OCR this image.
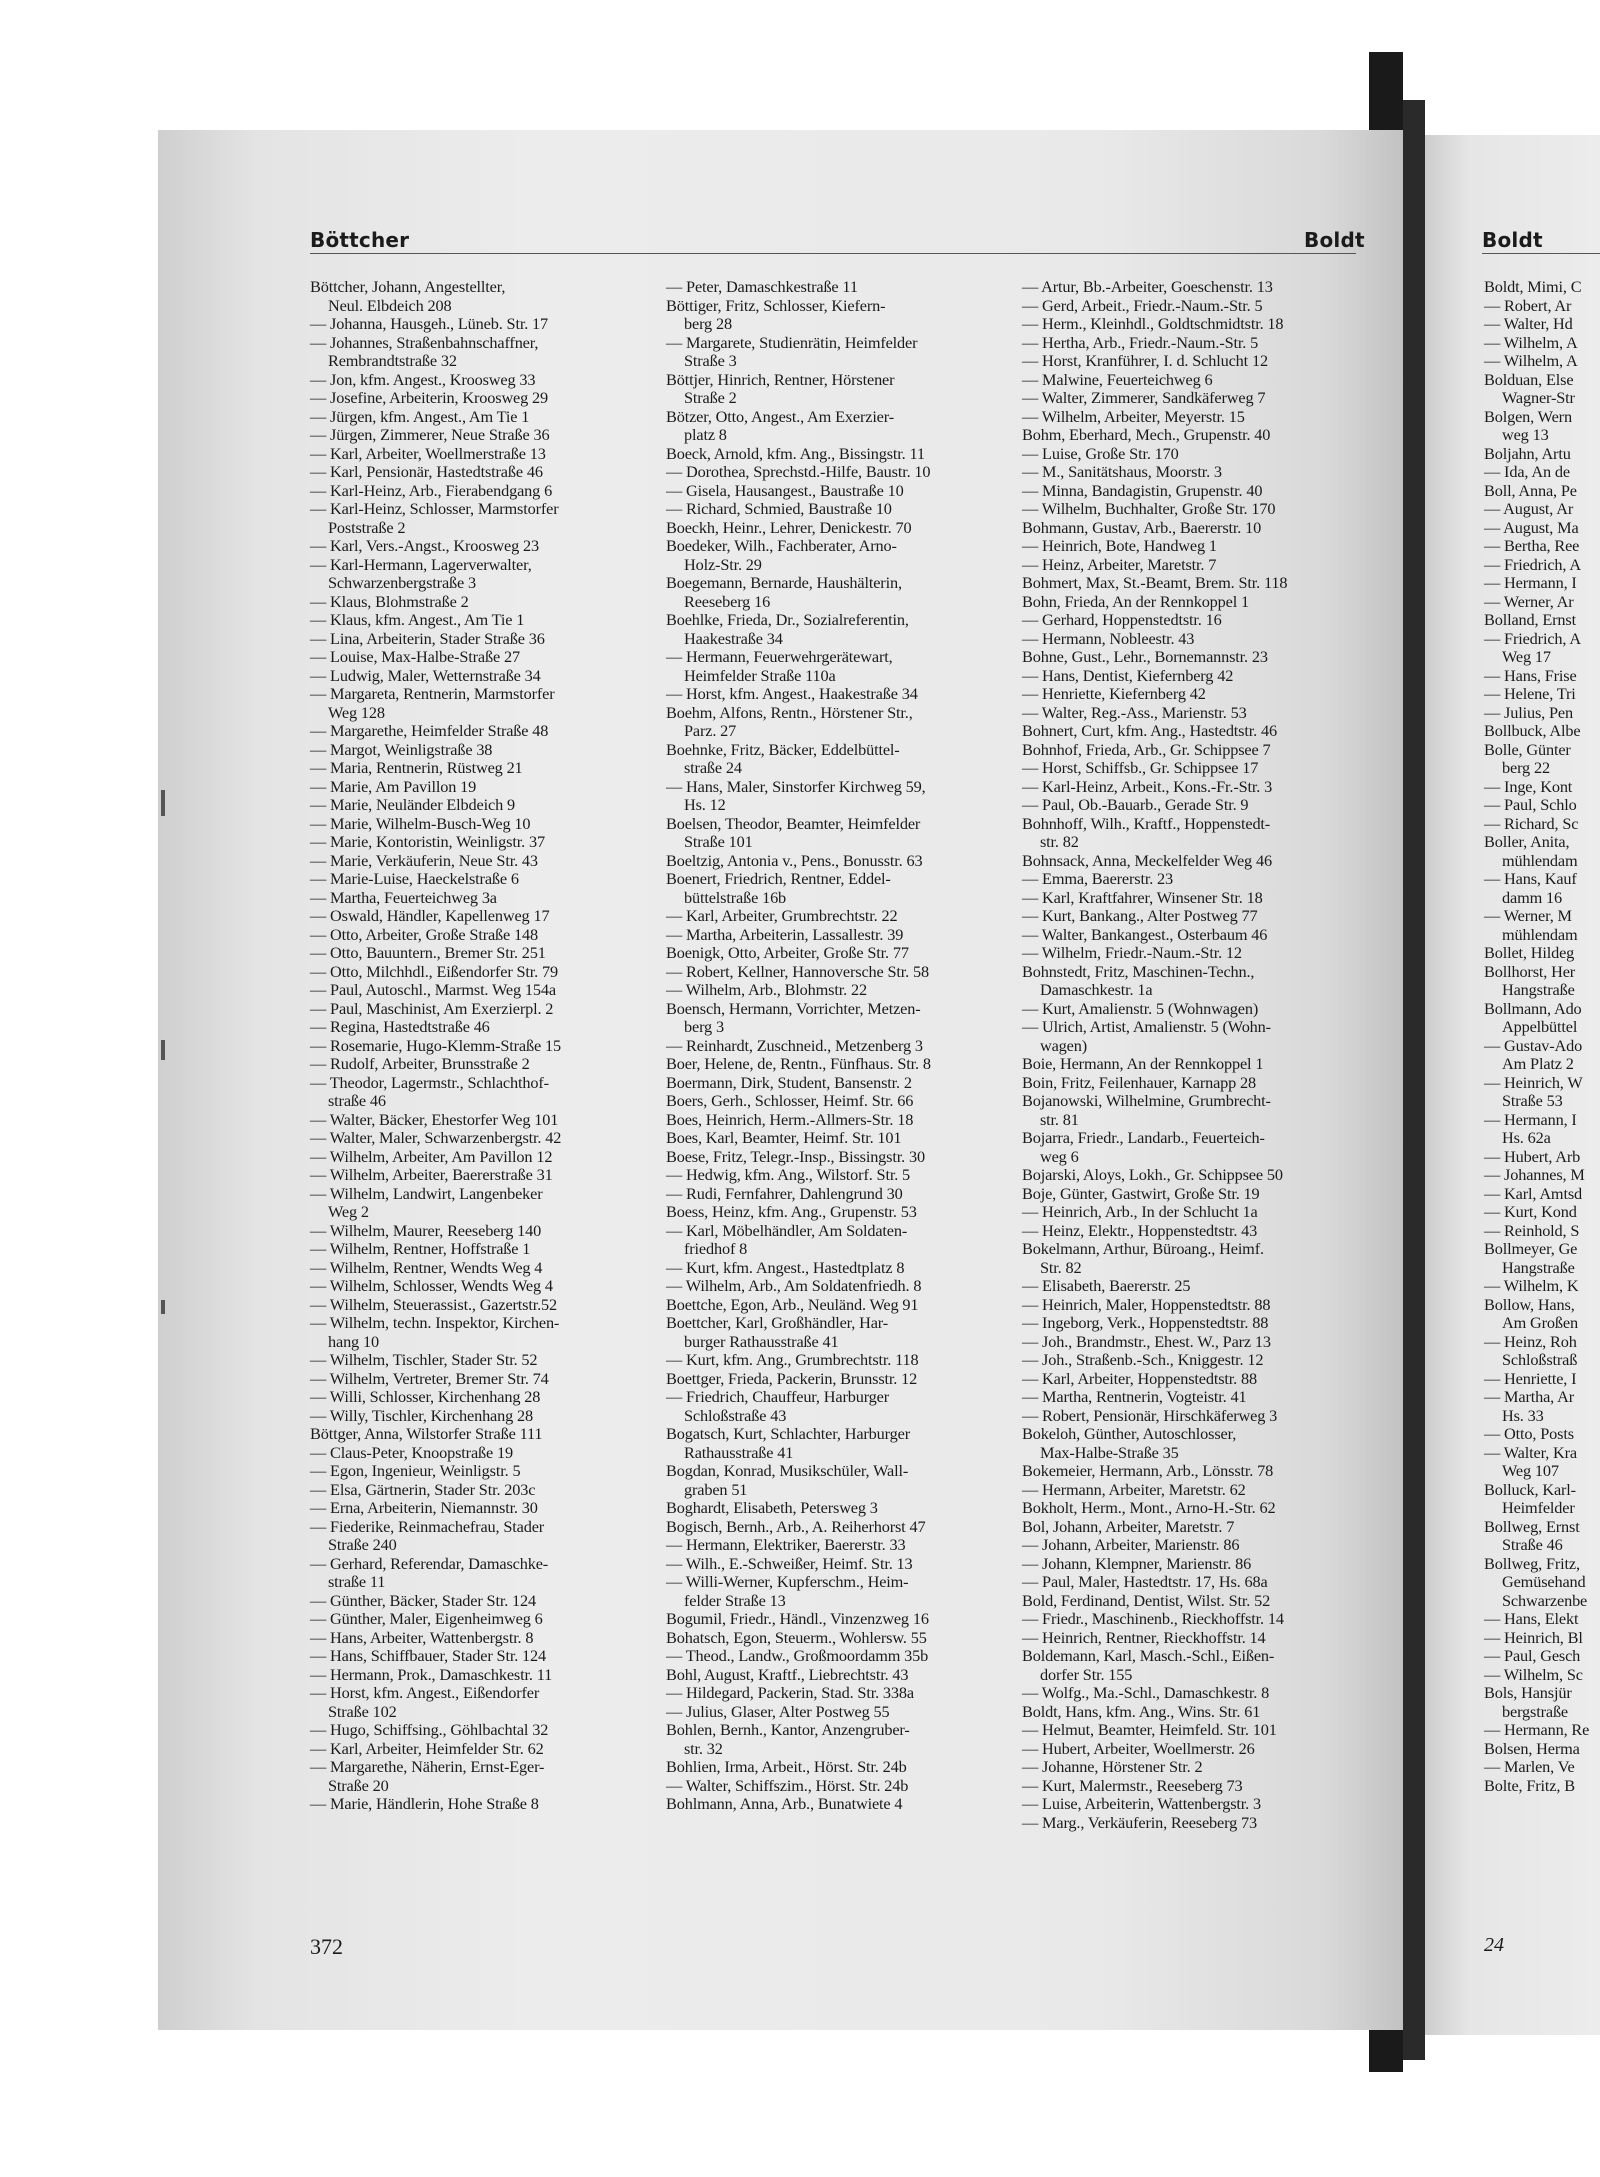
Böttcher	Boldt
Böttcher, Johann, Angestellter,
Neul. Elbdeich 208
— Johanna, Hausgeh., Lüneb. Str. 17
— Johannes, Straßenbahnschaffner,
Rembrandtstraße 32
— Jon, kfm. Angest., Kroosweg 33
— Josefine, Arbeiterin, Kroosweg 29
— Jürgen, kfm. Angest., Am Tie 1
— Jürgen, Zimmerer, Neue Straße 36
— Karl, Arbeiter, Woellmerstraße 13
— Karl, Pensionär, Hastedtstraße 46
— Karl-Heinz, Arb., Fierabendgang 6
— Karl-Heinz, Schlosser, Marmstorfer
Poststraße 2
— Karl, Vers.-Angst., Kroosweg 23
— Karl-Hermann, Lagerverwalter,
Schwarzenbergstraße 3
— Klaus, Blohmstraße 2
— Klaus, kfm. Angest., Am Tie 1
— Lina, Arbeiterin, Stader Straße 36
— Louise, Max-Halbe-Straße 27
— Ludwig, Maler, Wetternstraße 34
— Margareta, Rentnerin, Marmstorfer
Weg 128
— Margarethe, Heimfelder Straße 48
— Margot, Weinligstraße 38
— Maria, Rentnerin, Rüstweg 21
— Marie, Am Pavillon 19
— Marie, Neuländer Elbdeich 9
— Marie, Wilhelm-Busch-Weg 10
— Marie, Kontoristin, Weinligstr. 37
— Marie, Verkäuferin, Neue Str. 43
— Marie-Luise, Haeckelstraße 6
— Martha, Feuerteichweg 3a
— Oswald, Händler, Kapellenweg 17
— Otto, Arbeiter, Große Straße 148
— Otto, Bauuntern., Bremer Str. 251
— Otto, Milchhdl., Eißendorfer Str. 79
— Paul, Autoschl., Marmst. Weg 154a
— Paul, Maschinist, Am Exerzierpl. 2
— Regina, Hastedtstraße 46
— Rosemarie, Hugo-Klemm-Straße 15
— Rudolf, Arbeiter, Brunsstraße 2
— Theodor, Lagermstr., Schlachthof-
straße 46
— Walter, Bäcker, Ehestorfer Weg 101
— Walter, Maler, Schwarzenbergstr. 42
— Wilhelm, Arbeiter, Am Pavillon 12
— Wilhelm, Arbeiter, Baererstraße 31
— Wilhelm, Landwirt, Langenbeker
Weg 2
— Wilhelm, Maurer, Reeseberg 140
— Wilhelm, Rentner, Hoffstraße 1
— Wilhelm, Rentner, Wendts Weg 4
— Wilhelm, Schlosser, Wendts Weg 4
— Wilhelm, Steuerassist., Gazertstr.52
— Wilhelm, techn. Inspektor, Kirchen-
hang 10
— Wilhelm, Tischler, Stader Str. 52
— Wilhelm, Vertreter, Bremer Str. 74
— Willi, Schlosser, Kirchenhang 28
— Willy, Tischler, Kirchenhang 28
Böttger, Anna, Wilstorfer Straße 111
— Claus-Peter, Knoopstraße 19
— Egon, Ingenieur, Weinligstr. 5
— Elsa, Gärtnerin, Stader Str. 203c
— Erna, Arbeiterin, Niemannstr. 30
— Fiederike, Reinmachefrau, Stader
Straße 240
— Gerhard, Referendar, Damaschke-
straße 11
— Günther, Bäcker, Stader Str. 124
— Günther, Maler, Eigenheimweg 6
— Hans, Arbeiter, Wattenbergstr. 8
— Hans, Schiffbauer, Stader Str. 124
— Hermann, Prok., Damaschkestr. 11
— Horst, kfm. Angest., Eißendorfer
Straße 102
— Hugo, Schiffsing., Göhlbachtal 32
— Karl, Arbeiter, Heimfelder Str. 62
— Margarethe, Näherin, Ernst-Eger-
Straße 20
— Marie, Händlerin, Hohe Straße 8
— Peter, Damaschkestraße 11
Böttiger, Fritz, Schlosser, Kiefern-
berg 28
— Margarete, Studienrätin, Heimfelder
Straße 3
Böttjer, Hinrich, Rentner, Hörstener
Straße 2
Bötzer, Otto, Angest., Am Exerzier-
platz 8
Boeck, Arnold, kfm. Ang., Bissingstr. 11
— Dorothea, Sprechstd.-Hilfe, Baustr. 10
— Gisela, Hausangest., Baustraße 10
— Richard, Schmied, Baustraße 10
Boeckh, Heinr., Lehrer, Denickestr. 70
Boedeker, Wilh., Fachberater, Arno-
Holz-Str. 29
Boegemann, Bernarde, Haushälterin,
Reeseberg 16
Boehlke, Frieda, Dr., Sozialreferentin,
Haakestraße 34
— Hermann, Feuerwehrgerätewart,
Heimfelder Straße 110a
— Horst, kfm. Angest., Haakestraße 34
Boehm, Alfons, Rentn., Hörstener Str.,
Parz. 27
Boehnke, Fritz, Bäcker, Eddelbüttel-
straße 24
— Hans, Maler, Sinstorfer Kirchweg 59,
Hs. 12
Boelsen, Theodor, Beamter, Heimfelder
Straße 101
Boeltzig, Antonia v., Pens., Bonusstr. 63
Boenert, Friedrich, Rentner, Eddel-
büttelstraße 16b
— Karl, Arbeiter, Grumbrechtstr. 22
— Martha, Arbeiterin, Lassallestr. 39
Boenigk, Otto, Arbeiter, Große Str. 77
— Robert, Kellner, Hannoversche Str. 58
— Wilhelm, Arb., Blohmstr. 22
Boensch, Hermann, Vorrichter, Metzen-
berg 3
— Reinhardt, Zuschneid., Metzenberg 3
Boer, Helene, de, Rentn., Fünfhaus. Str. 8
Boermann, Dirk, Student, Bansenstr. 2
Boers, Gerh., Schlosser, Heimf. Str. 66
Boes, Heinrich, Herm.-Allmers-Str. 18
Boes, Karl, Beamter, Heimf. Str. 101
Boese, Fritz, Telegr.-Insp., Bissingstr. 30
— Hedwig, kfm. Ang., Wilstorf. Str. 5
— Rudi, Fernfahrer, Dahlengrund 30
Boess, Heinz, kfm. Ang., Grupenstr. 53
— Karl, Möbelhändler, Am Soldaten-
friedhof 8
— Kurt, kfm. Angest., Hastedtplatz 8
— Wilhelm, Arb., Am Soldatenfriedh. 8
Boettche, Egon, Arb., Neuländ. Weg 91
Boettcher, Karl, Großhändler, Har-
burger Rathausstraße 41
— Kurt, kfm. Ang., Grumbrechtstr. 118
Boettger, Frieda, Packerin, Brunsstr. 12
— Friedrich, Chauffeur, Harburger
Schloßstraße 43
Bogatsch, Kurt, Schlachter, Harburger
Rathausstraße 41
Bogdan, Konrad, Musikschüler, Wall-
graben 51
Boghardt, Elisabeth, Petersweg 3
Bogisch, Bernh., Arb., A. Reiherhorst 47
— Hermann, Elektriker, Baererstr. 33
— Wilh., E.-Schweißer, Heimf. Str. 13
— Willi-Werner, Kupferschm., Heim-
felder Straße 13
Bogumil, Friedr., Händl., Vinzenzweg 16
Bohatsch, Egon, Steuerm., Wohlersw. 55
— Theod., Landw., Großmoordamm 35b
Bohl, August, Kraftf., Liebrechtstr. 43
— Hildegard, Packerin, Stad. Str. 338a
— Julius, Glaser, Alter Postweg 55
Bohlen, Bernh., Kantor, Anzengruber-
str. 32
Bohlien, Irma, Arbeit., Hörst. Str. 24b
— Walter, Schiffszim., Hörst. Str. 24b
Bohlmann, Anna, Arb., Bunatwiete 4
— Artur, Bb.-Arbeiter, Goeschenstr. 13
— Gerd, Arbeit., Friedr.-Naum.-Str. 5
— Herm., Kleinhdl., Goldtschmidtstr. 18
— Hertha, Arb., Friedr.-Naum.-Str. 5
— Horst, Kranführer, I. d. Schlucht 12
— Malwine, Feuerteichweg 6
— Walter, Zimmerer, Sandkäferweg 7
— Wilhelm, Arbeiter, Meyerstr. 15
Bohm, Eberhard, Mech., Grupenstr. 40
— Luise, Große Str. 170
— M., Sanitätshaus, Moorstr. 3
— Minna, Bandagistin, Grupenstr. 40
— Wilhelm, Buchhalter, Große Str. 170
Bohmann, Gustav, Arb., Baererstr. 10
— Heinrich, Bote, Handweg 1
— Heinz, Arbeiter, Maretstr. 7
Bohmert, Max, St.-Beamt, Brem. Str. 118
Bohn, Frieda, An der Rennkoppel 1
— Gerhard, Hoppenstedtstr. 16
— Hermann, Nobleestr. 43
Bohne, Gust., Lehr., Bornemannstr. 23
— Hans, Dentist, Kiefernberg 42
— Henriette, Kiefernberg 42
— Walter, Reg.-Ass., Marienstr. 53
Bohnert, Curt, kfm. Ang., Hastedtstr. 46
Bohnhof, Frieda, Arb., Gr. Schippsee 7
— Horst, Schiffsb., Gr. Schippsee 17
— Karl-Heinz, Arbeit., Kons.-Fr.-Str. 3
— Paul, Ob.-Bauarb., Gerade Str. 9
Bohnhoff, Wilh., Kraftf., Hoppenstedt-
str. 82
Bohnsack, Anna, Meckelfelder Weg 46
— Emma, Baererstr. 23
— Karl, Kraftfahrer, Winsener Str. 18
— Kurt, Bankang., Alter Postweg 77
— Walter, Bankangest., Osterbaum 46
— Wilhelm, Friedr.-Naum.-Str. 12
Bohnstedt, Fritz, Maschinen-Techn.,
Damaschkestr. 1a
— Kurt, Amalienstr. 5 (Wohnwagen)
— Ulrich, Artist, Amalienstr. 5 (Wohn-
wagen)
Boie, Hermann, An der Rennkoppel 1
Boin, Fritz, Feilenhauer, Karnapp 28
Bojanowski, Wilhelmine, Grumbrecht-
str. 81
Bojarra, Friedr., Landarb., Feuerteich-
weg 6
Bojarski, Aloys, Lokh., Gr. Schippsee 50
Boje, Günter, Gastwirt, Große Str. 19
— Heinrich, Arb., In der Schlucht 1a
— Heinz, Elektr., Hoppenstedtstr. 43
Bokelmann, Arthur, Büroang., Heimf.
Str. 82
— Elisabeth, Baererstr. 25
— Heinrich, Maler, Hoppenstedtstr. 88
— Ingeborg, Verk., Hoppenstedtstr. 88
— Joh., Brandmstr., Ehest. W., Parz 13
— Joh., Straßenb.-Sch., Kniggestr. 12
— Karl, Arbeiter, Hoppenstedtstr. 88
— Martha, Rentnerin, Vogteistr. 41
— Robert, Pensionär, Hirschkäferweg 3
Bokeloh, Günther, Autoschlosser,
Max-Halbe-Straße 35
Bokemeier, Hermann, Arb., Lönsstr. 78
— Hermann, Arbeiter, Maretstr. 62
Bokholt, Herm., Mont., Arno-H.-Str. 62
Bol, Johann, Arbeiter, Maretstr. 7
— Johann, Arbeiter, Marienstr. 86
— Johann, Klempner, Marienstr. 86
— Paul, Maler, Hastedtstr. 17, Hs. 68a
Bold, Ferdinand, Dentist, Wilst. Str. 52
— Friedr., Maschinenb., Rieckhoffstr. 14
— Heinrich, Rentner, Rieckhoffstr. 14
Boldemann, Karl, Masch.-Schl., Eißen-
dorfer Str. 155
— Wolfg., Ma.-Schl., Damaschkestr. 8
Boldt, Hans, kfm. Ang., Wins. Str. 61
— Helmut, Beamter, Heimfeld. Str. 101
— Hubert, Arbeiter, Woellmerstr. 26
— Johanne, Hörstener Str. 2
— Kurt, Malermstr., Reeseberg 73
— Luise, Arbeiterin, Wattenbergstr. 3
— Marg., Verkäuferin, Reeseberg 73
372
Boldt
Boldt, Mimi, C
— Robert, Ar
— Walter, Hd
— Wilhelm, A
— Wilhelm, A
Bolduan, Else
Wagner-Str
Bolgen, Wern
weg 13
Boljahn, Artu
— Ida, An de
Boll, Anna, Pe
— August, Ar
— August, Ma
— Bertha, Ree
— Friedrich, A
— Hermann, I
— Werner, Ar
Bolland, Ernst
— Friedrich, A
Weg 17
— Hans, Frise
— Helene, Tri
— Julius, Pen
Bollbuck, Albe
Bolle, Günter
berg 22
— Inge, Kont
— Paul, Schlo
— Richard, Sc
Boller, Anita,
mühlendam
— Hans, Kauf
damm 16
— Werner, M
mühlendam
Bollet, Hildeg
Bollhorst, Her
Hangstraße
Bollmann, Ado
Appelbüttel
— Gustav-Ado
Am Platz 2
— Heinrich, W
Straße 53
— Hermann, I
Hs. 62a
— Hubert, Arb
— Johannes, M
— Karl, Amtsd
— Kurt, Kond
— Reinhold, S
Bollmeyer, Ge
Hangstraße
— Wilhelm, K
Bollow, Hans,
Am Großen
— Heinz, Roh
Schloßstraß
— Henriette, I
— Martha, Ar
Hs. 33
— Otto, Posts
— Walter, Kra
Weg 107
Bolluck, Karl-
Heimfelder
Bollweg, Ernst
Straße 46
Bollweg, Fritz,
Gemüsehand
Schwarzenbe
— Hans, Elekt
— Heinrich, Bl
— Paul, Gesch
— Wilhelm, Sc
Bols, Hansjür
bergstraße
— Hermann, Re
Bolsen, Herma
— Marlen, Ve
Bolte, Fritz, B
24
